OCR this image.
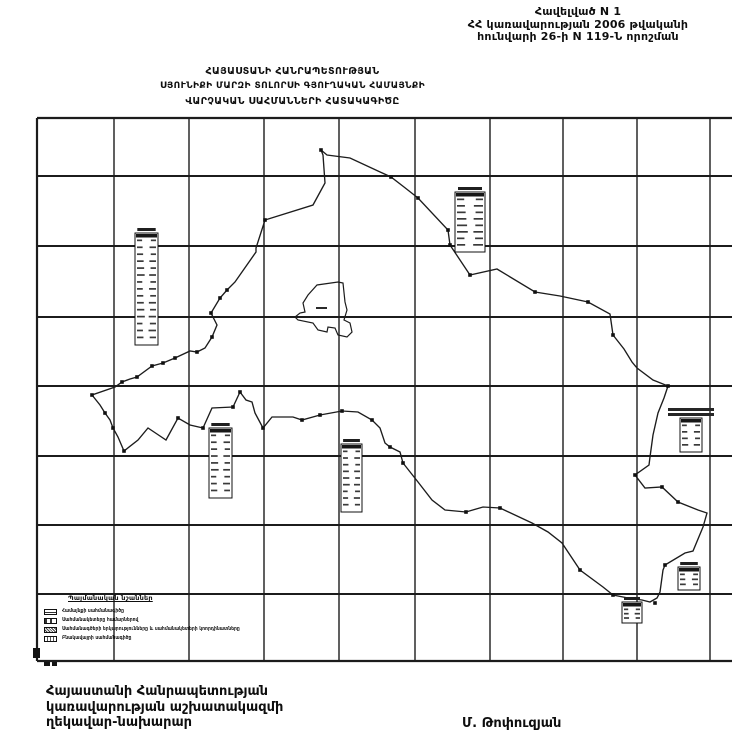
Հավելված N 1
ՀՀ կառավարության 2006 թվականի
հունվարի 26-ի N 119-Ն որոշման
ՀԱՅԱՍՏԱՆԻ ՀԱՆՐԱՊԵՏՈՒԹՅԱՆ
ՍՅՈՒՆԻՔԻ ՄԱՐԶԻ ՏՈԼՈՐՍԻ ԳՅՈՒՂԱԿԱՆ ՀԱՄԱՅՆՔԻ
ՎԱՐՉԱԿԱՆ ՍԱՀՄԱՆՆԵՐԻ ՀԱՏԱԿԱԳԻԾԸ
Պայմանական նշաններ
Համայնքի սահմանագիծը
Սահմանակետերը համարներով
Սահմանագծերի երկարությունները և սահմանակետերի կոորդինատները
Բնակավայրի սահմանագիծը
Հայաստանի Հանրապետության
կառավարության աշխատակազմի
ղեկավար-նախարար	Մ. Թոփուզյան
